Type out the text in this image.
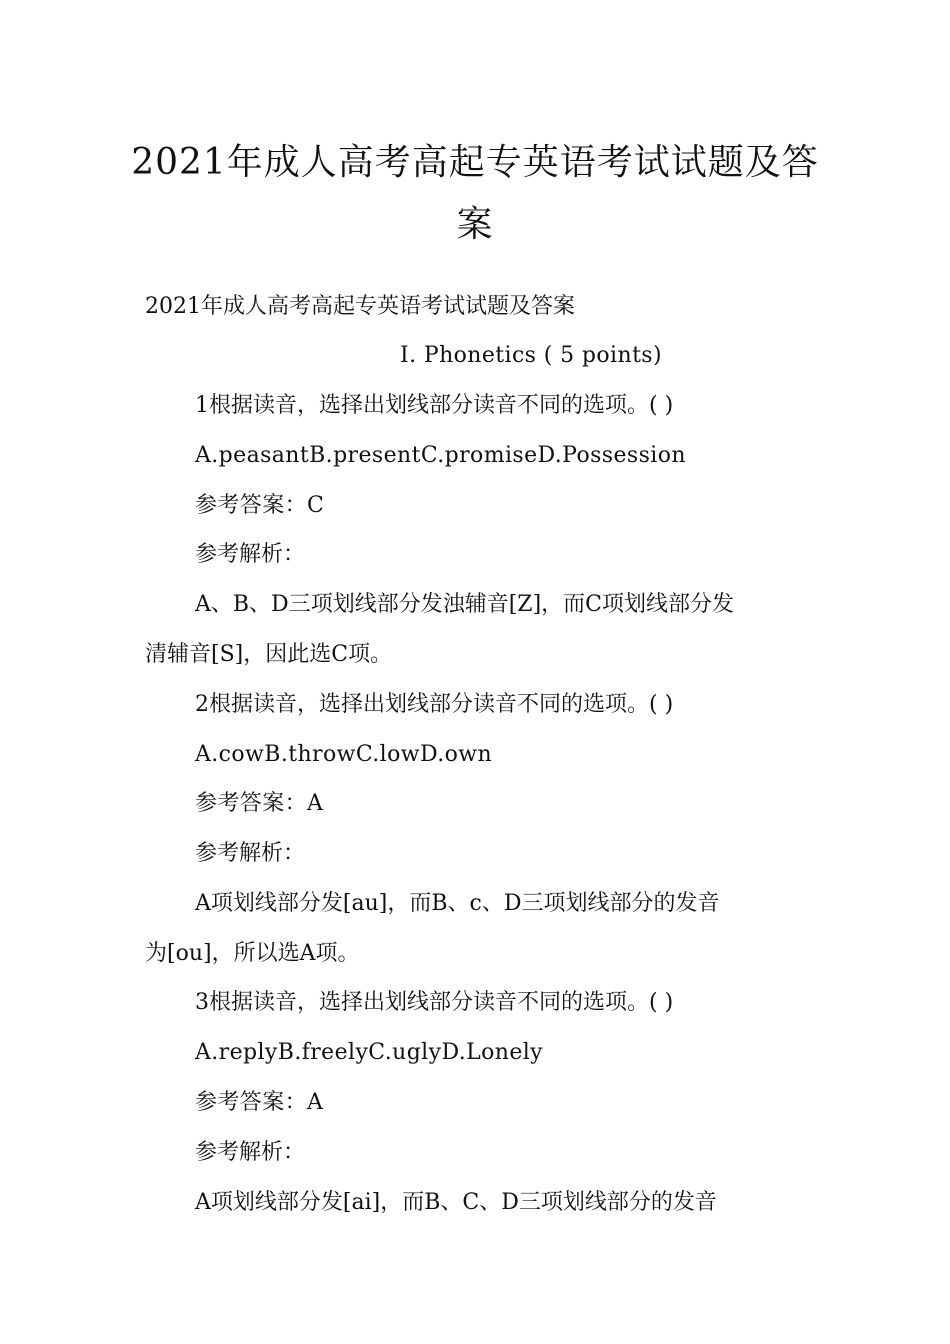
2021年成人高考高起专英语考试试题及答
案
2021年成人高考高起专英语考试试题及答案
I. Phonetics ( 5 points)
1根据读音，选择出划线部分读音不同的选项。( )
A.peasantB.presentC.promiseD.Possession
参考答案：C
参考解析：
A、B、D三项划线部分发浊辅音[Z]，而C项划线部分发
清辅音[S]，因此选C项。
2根据读音，选择出划线部分读音不同的选项。( )
A.cowB.throwC.lowD.own
参考答案：A
参考解析：
A项划线部分发[au]，而B、c、D三项划线部分的发音
为[ou]，所以选A项。
3根据读音，选择出划线部分读音不同的选项。( )
A.replyB.freelyC.uglyD.Lonely
参考答案：A
参考解析：
A项划线部分发[ai]，而B、C、D三项划线部分的发音
